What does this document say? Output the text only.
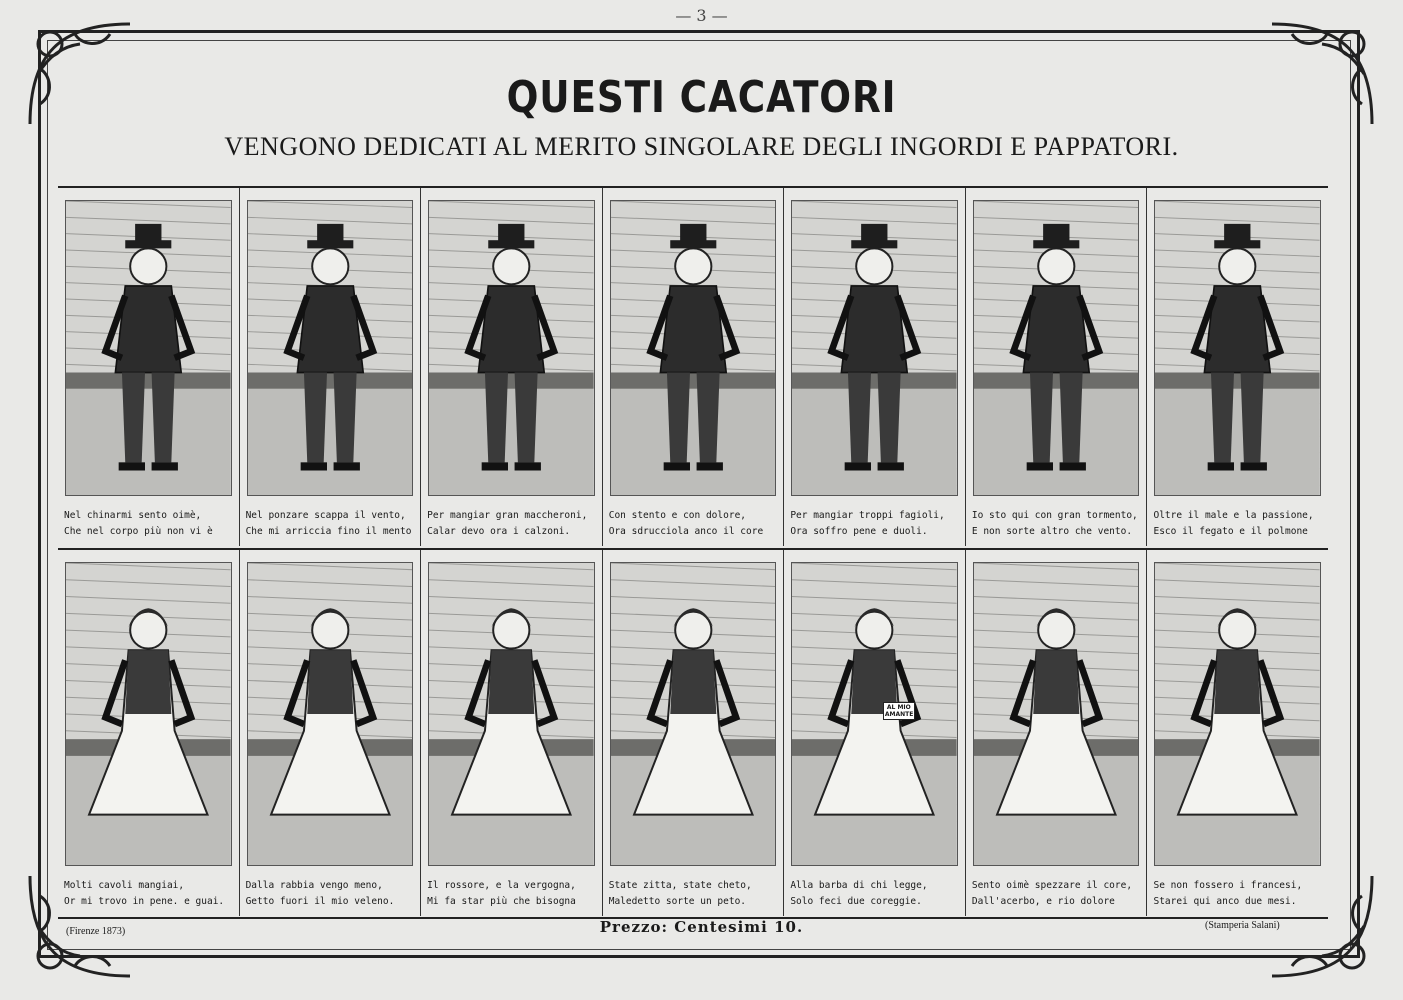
— 3 —
QUESTI CACATORI
VENGONO DEDICATI AL MERITO SINGOLARE DEGLI INGORDI E PAPPATORI.
Nel chinarmi sento oimè,
Che nel corpo più non vi è
Nel ponzare scappa il vento,
Che mi arriccia fino il mento
Per mangiar gran maccheroni,
Calar devo ora i calzoni.
Con stento e con dolore,
Ora sdrucciola anco il core
Per mangiar troppi fagioli,
Ora soffro pene e duoli.
Io sto qui con gran tormento,
E non sorte altro che vento.
Oltre il male e la passione,
Esco il fegato e il polmone
Molti cavoli mangiai,
Or mi trovo in pene. e guai.
Dalla rabbia vengo meno,
Getto fuori il mio veleno.
Il rossore, e la vergogna,
Mi fa star più che bisogna
State zitta, state cheto,
Maledetto sorte un peto.
AL MIO AMANTE
Alla barba di chi legge,
Solo feci due coreggie.
Sento oimè spezzare il core,
Dall'acerbo, e rio dolore
Se non fossero i francesi,
Starei qui anco due mesi.
(Firenze 1873)	Prezzo: Centesimi 10.	(Stamperia Salani)
